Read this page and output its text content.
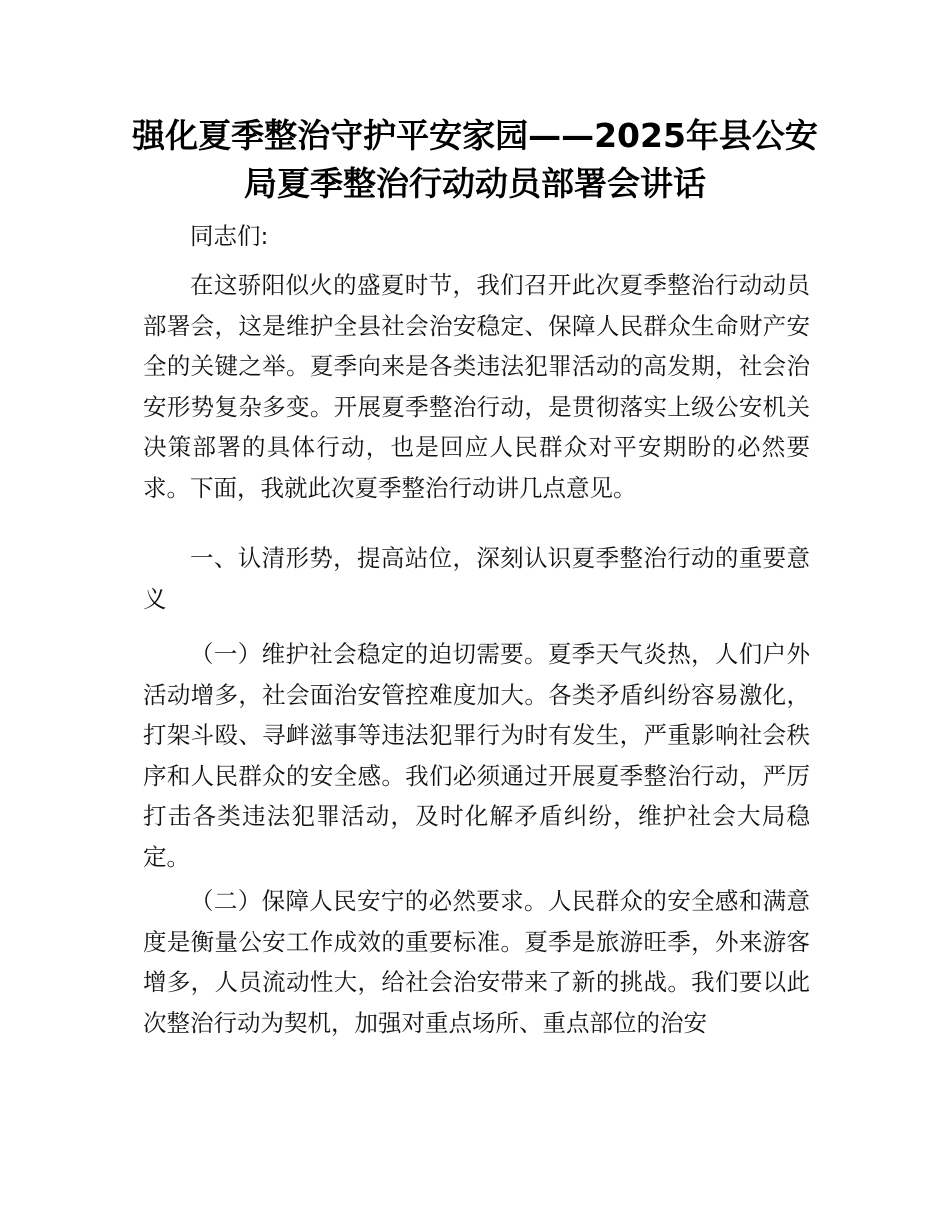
强化夏季整治守护平安家园——2025年县公安
局夏季整治行动动员部署会讲话

同志们:

在这骄阳似火的盛夏时节，我们召开此次夏季整治行动动员部署会，这是维护全县社会治安稳定、保障人民群众生命财产安全的关键之举。夏季向来是各类违法犯罪活动的高发期，社会治安形势复杂多变。开展夏季整治行动，是贯彻落实上级公安机关决策部署的具体行动，也是回应人民群众对平安期盼的必然要求。下面，我就此次夏季整治行动讲几点意见。

一、认清形势，提高站位，深刻认识夏季整治行动的重要意义

（一）维护社会稳定的迫切需要。夏季天气炎热，人们户外活动增多，社会面治安管控难度加大。各类矛盾纠纷容易激化，打架斗殴、寻衅滋事等违法犯罪行为时有发生，严重影响社会秩序和人民群众的安全感。我们必须通过开展夏季整治行动，严厉打击各类违法犯罪活动，及时化解矛盾纠纷，维护社会大局稳定。

（二）保障人民安宁的必然要求。人民群众的安全感和满意度是衡量公安工作成效的重要标准。夏季是旅游旺季，外来游客增多，人员流动性大，给社会治安带来了新的挑战。我们要以此次整治行动为契机，加强对重点场所、重点部位的治安
